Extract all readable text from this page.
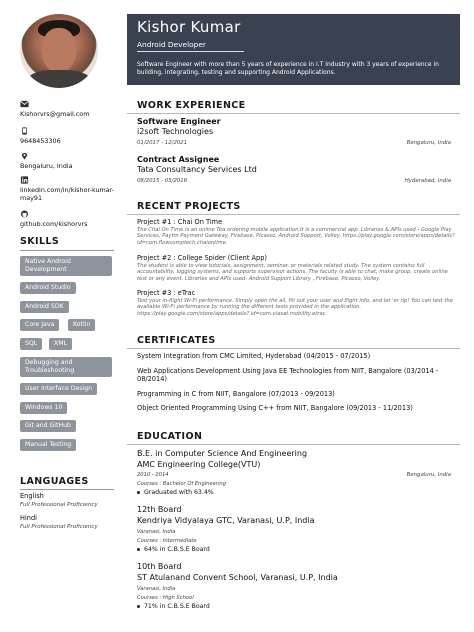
Kishorvrs@gmail.com
9648453306
Bengaluru, India
linkedin.com/in/kishor-kumar-may91
github.com/kishorvrs
SKILLS
Native Android Development
Android Studio
Android SDK
Core Java	Kotlin
SQL	XML
Debugging and Troubleshooting
User Interface Design
Windows 10
Git and GitHub
Manual Testing
LANGUAGES
English
Full Professional Proficiency
Hindi
Full Professional Proficiency
Kishor Kumar
Android Developer
Software Engineer with more than 5 years of experience in I.T Industry with 3 years of experience in building, integrating, testing and supporting Android Applications.
WORK EXPERIENCE
Software Engineer
i2soft Technologies
01/2017 - 12/2021	Bengaluru, India
Contract Assignee
Tata Consultancy Services Ltd
08/2015 - 05/2016	Hyderabad, India
RECENT PROJECTS
Project #1 : Chai On Time
The Chai On Time is an online Tea ordering mobile application.It is a commercial app. Libraries & APIs used - Google Play Services, Paytm Payment Gateway, Firebase, Picasso, Android Support, Volley. https://play.google.com/store/apps/details?id=com.flowcomptech.chaiontime.
Project #2 : College Spider (Client App)
The student is able to view tutorials, assignment, seminar, or materials related study. The system contains full accountability, logging systems, and supports supervisor actions. The faculty is able to chat, make group, create online test or any event. Libraries and APIs used- Android Support Library , Firebase, Picasso, Volley.
Project #3 : eTrac
Test your in-flight Wi-Fi performance. Simply open the all, fill out your user and flight info, and let 'er rip! You can test the available Wi-Fi performance by running the different tests provided in the application. https://play.google.com/store/apps/details? id=com.viasat.mobility.etrac.
CERTIFICATES
System Integration from CMC Limited, Hyderabad (04/2015 - 07/2015)
Web Applications Development Using Java EE Technologies from NIIT, Bangalore (03/2014 - 08/2014)
Programming in C from NIIT, Bangalore (07/2013 - 09/2013)
Object Oriented Programming Using C++ from NIIT, Bangalore (09/2013 - 11/2013)
EDUCATION
B.E. in Computer Science And Engineering
AMC Engineering College(VTU)
2010 - 2014	Bengaluru, India
Courses : Bachelor Of Engineering
Graduated with 63.4%
12th Board
Kendriya Vidyalaya GTC, Varanasi, U.P, India
Varanasi, India
Courses : Intermediate
64% in C.B.S.E Board
10th Board
ST Atulanand Convent School, Varanasi, U.P, India
Varanasi, India
Courses : High School
71% in C.B.S.E Board
